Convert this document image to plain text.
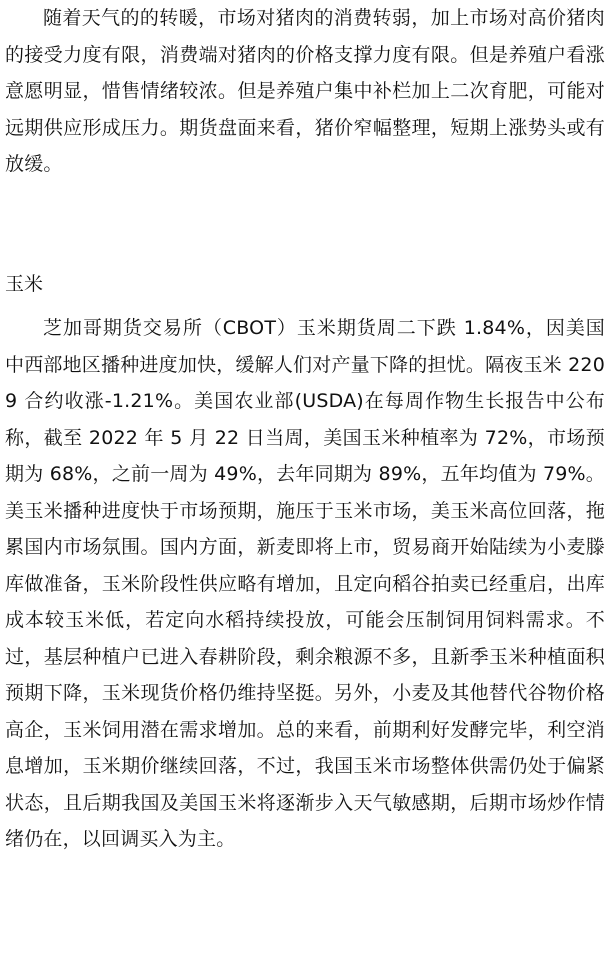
随着天气的的转暖，市场对猪肉的消费转弱，加上市场对高价猪肉的接受力度有限，消费端对猪肉的价格支撑力度有限。但是养殖户看涨意愿明显，惜售情绪较浓。但是养殖户集中补栏加上二次育肥，可能对远期供应形成压力。期货盘面来看，猪价窄幅整理，短期上涨势头或有放缓。

玉米

芝加哥期货交易所（CBOT）玉米期货周二下跌 1.84%，因美国中西部地区播种进度加快，缓解人们对产量下降的担忧。隔夜玉米 2209 合约收涨-1.21%。美国农业部(USDA)在每周作物生长报告中公布称，截至 2022 年 5 月 22 日当周，美国玉米种植率为 72%，市场预期为 68%，之前一周为 49%，去年同期为 89%，五年均值为 79%。美玉米播种进度快于市场预期，施压于玉米市场，美玉米高位回落，拖累国内市场氛围。国内方面，新麦即将上市，贸易商开始陆续为小麦滕库做准备，玉米阶段性供应略有增加，且定向稻谷拍卖已经重启，出库成本较玉米低，若定向水稻持续投放，可能会压制饲用饲料需求。不过，基层种植户已进入春耕阶段，剩余粮源不多，且新季玉米种植面积预期下降，玉米现货价格仍维持坚挺。另外，小麦及其他替代谷物价格高企，玉米饲用潜在需求增加。总的来看，前期利好发酵完毕，利空消息增加，玉米期价继续回落，不过，我国玉米市场整体供需仍处于偏紧状态，且后期我国及美国玉米将逐渐步入天气敏感期，后期市场炒作情绪仍在，以回调买入为主。
